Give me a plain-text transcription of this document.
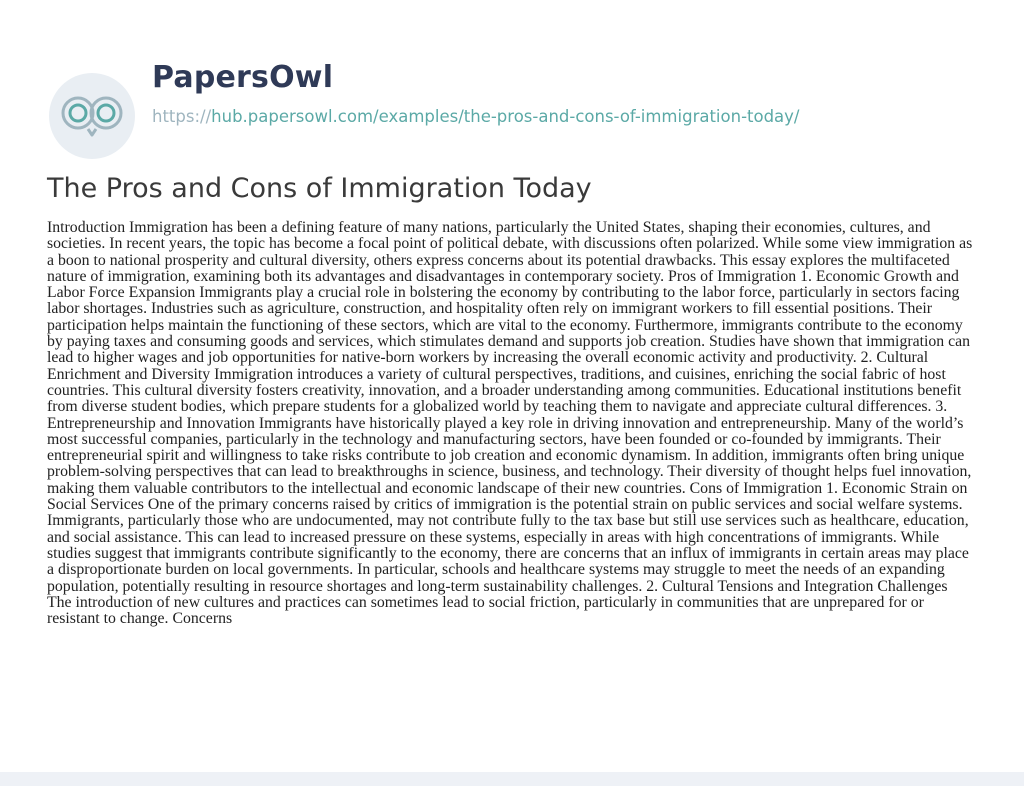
PapersOwl
https://hub.papersowl.com/examples/the-pros-and-cons-of-immigration-today/
The Pros and Cons of Immigration Today

Introduction Immigration has been a defining feature of many nations, particularly the United States, shaping their economies, cultures, and societies. In recent years, the topic has become a focal point of political debate, with discussions often polarized. While some view immigration as a boon to national prosperity and cultural diversity, others express concerns about its potential drawbacks. This essay explores the multifaceted nature of immigration, examining both its advantages and disadvantages in contemporary society. Pros of Immigration 1. Economic Growth and Labor Force Expansion Immigrants play a crucial role in bolstering the economy by contributing to the labor force, particularly in sectors facing labor shortages. Industries such as agriculture, construction, and hospitality often rely on immigrant workers to fill essential positions. Their participation helps maintain the functioning of these sectors, which are vital to the economy. Furthermore, immigrants contribute to the economy by paying taxes and consuming goods and services, which stimulates demand and supports job creation. Studies have shown that immigration can lead to higher wages and job opportunities for native-born workers by increasing the overall economic activity and productivity. 2. Cultural Enrichment and Diversity Immigration introduces a variety of cultural perspectives, traditions, and cuisines, enriching the social fabric of host countries. This cultural diversity fosters creativity, innovation, and a broader understanding among communities. Educational institutions benefit from diverse student bodies, which prepare students for a globalized world by teaching them to navigate and appreciate cultural differences. 3. Entrepreneurship and Innovation Immigrants have historically played a key role in driving innovation and entrepreneurship. Many of the world’s most successful companies, particularly in the technology and manufacturing sectors, have been founded or co-founded by immigrants. Their entrepreneurial spirit and willingness to take risks contribute to job creation and economic dynamism. In addition, immigrants often bring unique problem-solving perspectives that can lead to breakthroughs in science, business, and technology. Their diversity of thought helps fuel innovation, making them valuable contributors to the intellectual and economic landscape of their new countries. Cons of Immigration 1. Economic Strain on Social Services One of the primary concerns raised by critics of immigration is the potential strain on public services and social welfare systems. Immigrants, particularly those who are undocumented, may not contribute fully to the tax base but still use services such as healthcare, education, and social assistance. This can lead to increased pressure on these systems, especially in areas with high concentrations of immigrants. While studies suggest that immigrants contribute significantly to the economy, there are concerns that an influx of immigrants in certain areas may place a disproportionate burden on local governments. In particular, schools and healthcare systems may struggle to meet the needs of an expanding population, potentially resulting in resource shortages and long-term sustainability challenges. 2. Cultural Tensions and Integration Challenges The introduction of new cultures and practices can sometimes lead to social friction, particularly in communities that are unprepared for or resistant to change. Concerns
